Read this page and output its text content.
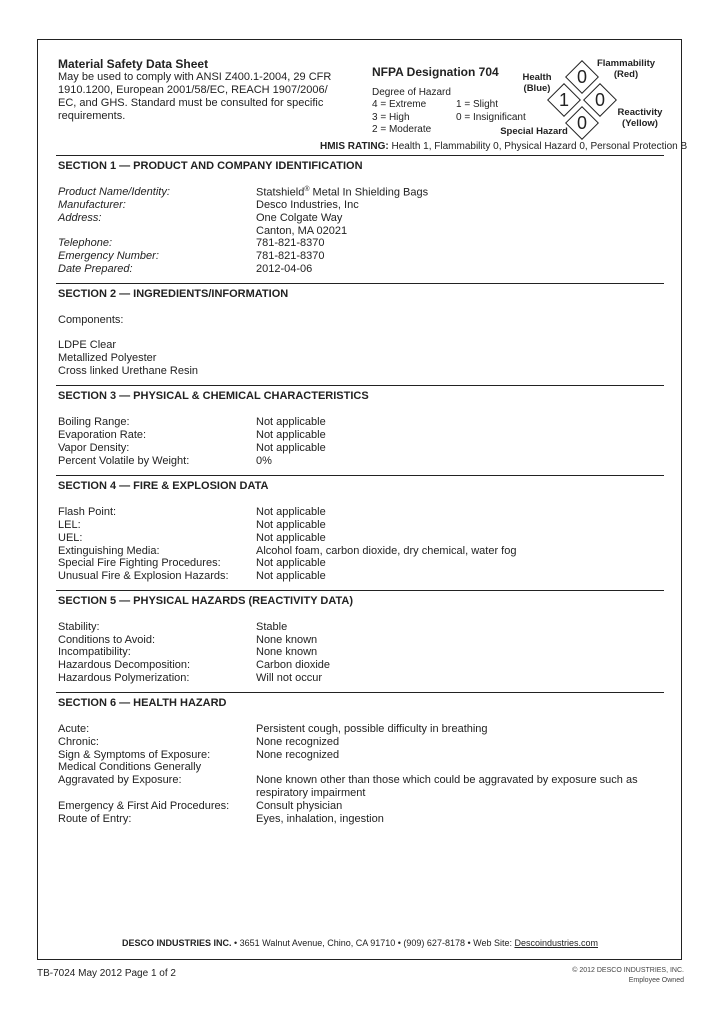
Material Safety Data Sheet
May be used to comply with ANSI Z400.1-2004, 29 CFR 1910.1200, European 2001/58/EC, REACH 1907/2006/ EC, and GHS. Standard must be consulted for specific requirements.
NFPA Designation 704
Degree of Hazard
4 = Extreme	1 = Slight
3 = High	0 = Insignificant
2 = Moderate
0
1	0
0
Health
(Blue)
Flammability
(Red)
Reactivity
(Yellow)
Special Hazard
HMIS RATING: Health 1, Flammability 0, Physical Hazard 0, Personal Protection B
SECTION 1 — PRODUCT AND COMPANY IDENTIFICATION
Product Name/Identity:	Statshield® Metal In Shielding Bags
Manufacturer:	Desco Industries, Inc
Address:	One Colgate Way
Canton, MA 02021
Telephone:	781-821-8370
Emergency Number:	781-821-8370
Date Prepared:	2012-04-06
SECTION 2 — INGREDIENTS/INFORMATION
Components:
LDPE Clear
Metallized Polyester
Cross linked Urethane Resin
SECTION 3 — PHYSICAL & CHEMICAL CHARACTERISTICS
Boiling Range:	Not applicable
Evaporation Rate:	Not applicable
Vapor Density:	Not applicable
Percent Volatile by Weight:	0%
SECTION 4 — FIRE & EXPLOSION DATA
Flash Point:	Not applicable
LEL:	Not applicable
UEL:	Not applicable
Extinguishing Media:	Alcohol foam, carbon dioxide, dry chemical, water fog
Special Fire Fighting Procedures:	Not applicable
Unusual Fire & Explosion Hazards: Not applicable
SECTION 5 — PHYSICAL HAZARDS (REACTIVITY DATA)
Stability:	Stable
Conditions to Avoid:	None known
Incompatibility:	None known
Hazardous Decomposition:	Carbon dioxide
Hazardous Polymerization:	Will not occur
SECTION 6 — HEALTH HAZARD
Acute:	Persistent cough, possible difficulty in breathing
Chronic:	None recognized
Sign & Symptoms of Exposure:	None recognized
Medical Conditions Generally
Aggravated by Exposure:	None known other than those which could be aggravated by exposure such as respiratory impairment
Emergency & First Aid Procedures: Consult physician
Route of Entry:	Eyes, inhalation, ingestion
DESCO INDUSTRIES INC. • 3651 Walnut Avenue, Chino, CA 91710 • (909) 627-8178 • Web Site: Descoindustries.com
TB-7024 May 2012 Page 1 of 2	© 2012 DESCO INDUSTRIES, INC.
Employee Owned
